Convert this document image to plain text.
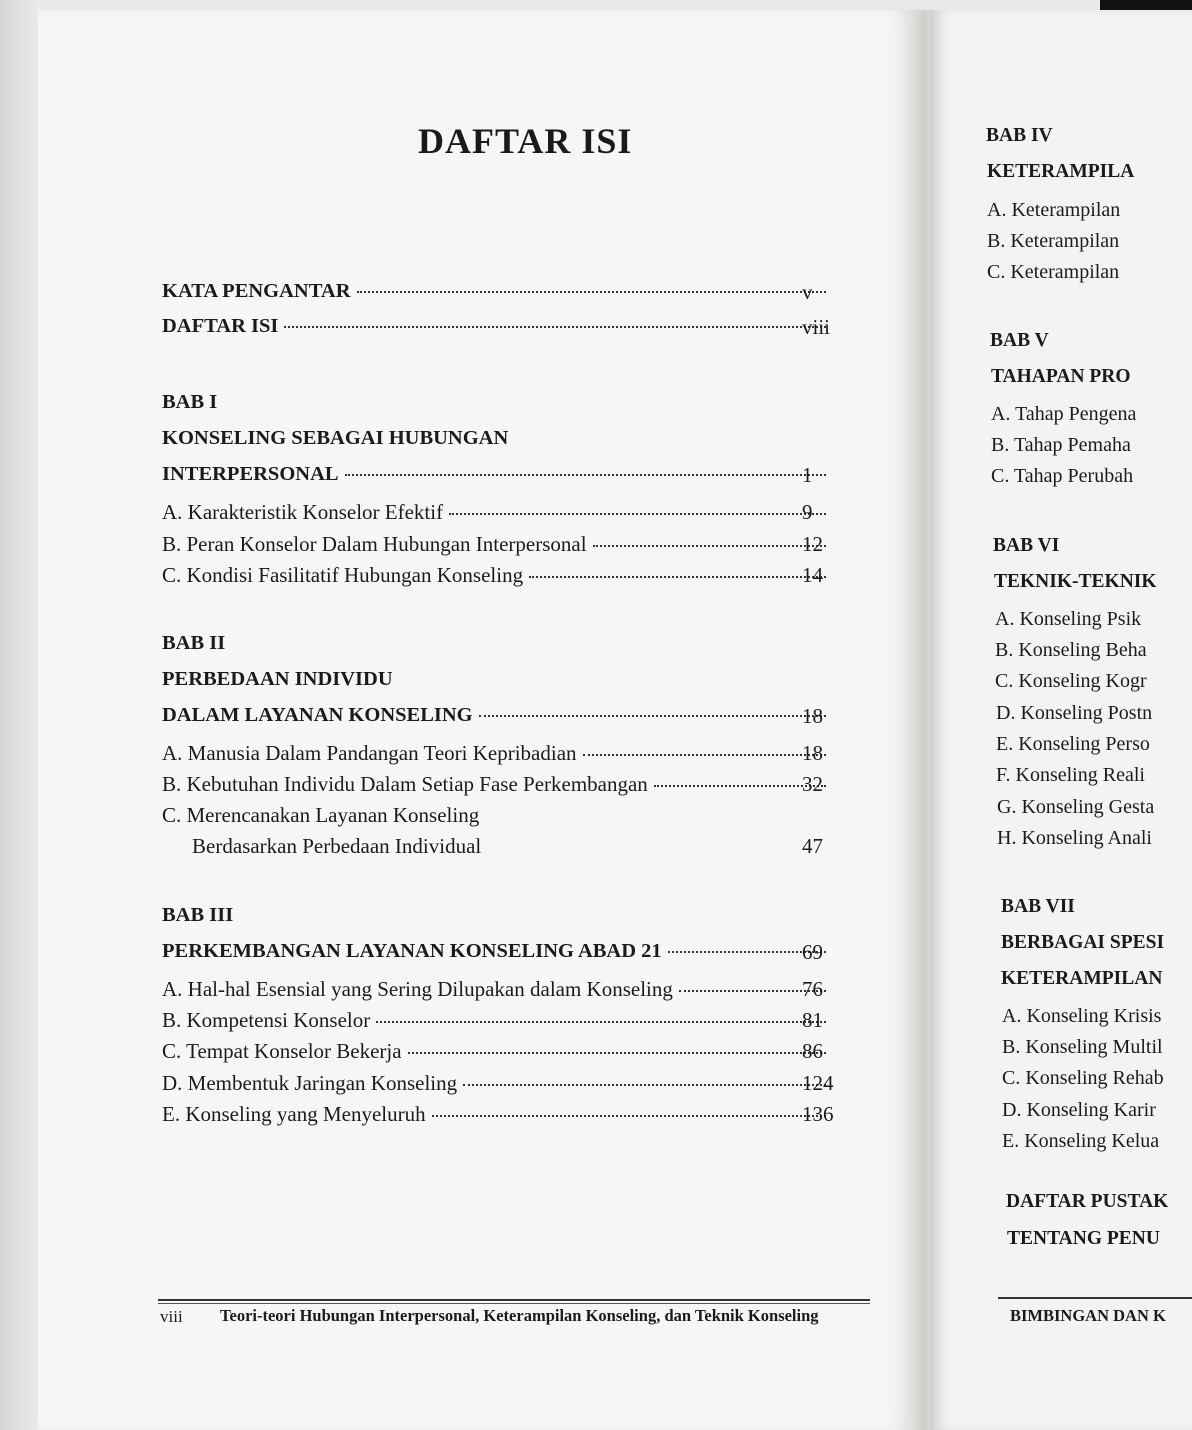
DAFTAR ISI
KATA PENGANTAR	v
DAFTAR ISI	viii
BAB I
KONSELING SEBAGAI HUBUNGAN
INTERPERSONAL	1
A. Karakteristik Konselor Efektif	9
B. Peran Konselor Dalam Hubungan Interpersonal	12
C. Kondisi Fasilitatif Hubungan Konseling	14
BAB II
PERBEDAAN INDIVIDU
DALAM LAYANAN KONSELING	18
A. Manusia Dalam Pandangan Teori Kepribadian	18
B. Kebutuhan Individu Dalam Setiap Fase Perkembangan	32
C. Merencanakan Layanan Konseling
Berdasarkan Perbedaan Individual	47
BAB III
PERKEMBANGAN LAYANAN KONSELING ABAD 21	69
A. Hal-hal Esensial yang Sering Dilupakan dalam Konseling	76
B. Kompetensi Konselor	81
C. Tempat Konselor Bekerja	86
D. Membentuk Jaringan Konseling	124
E. Konseling yang Menyeluruh	136
viii Teori-teori Hubungan Interpersonal, Keterampilan Konseling, dan Teknik Konseling
BAB IV
KETERAMPILA
A. Keterampilan
B. Keterampilan
C. Keterampilan
BAB V
TAHAPAN PRO
A. Tahap Pengena
B. Tahap Pemaha
C. Tahap Perubah
BAB VI
TEKNIK-TEKNIK
A. Konseling Psik
B. Konseling Beha
C. Konseling Kogr
D. Konseling Postn
E. Konseling Perso
F. Konseling Reali
G. Konseling Gesta
H. Konseling Anali
BAB VII
BERBAGAI SPESI
KETERAMPILAN
A. Konseling Krisis
B. Konseling Multil
C. Konseling Rehab
D. Konseling Karir
E. Konseling Kelua
DAFTAR PUSTAK
TENTANG PENU
BIMBINGAN DAN K
